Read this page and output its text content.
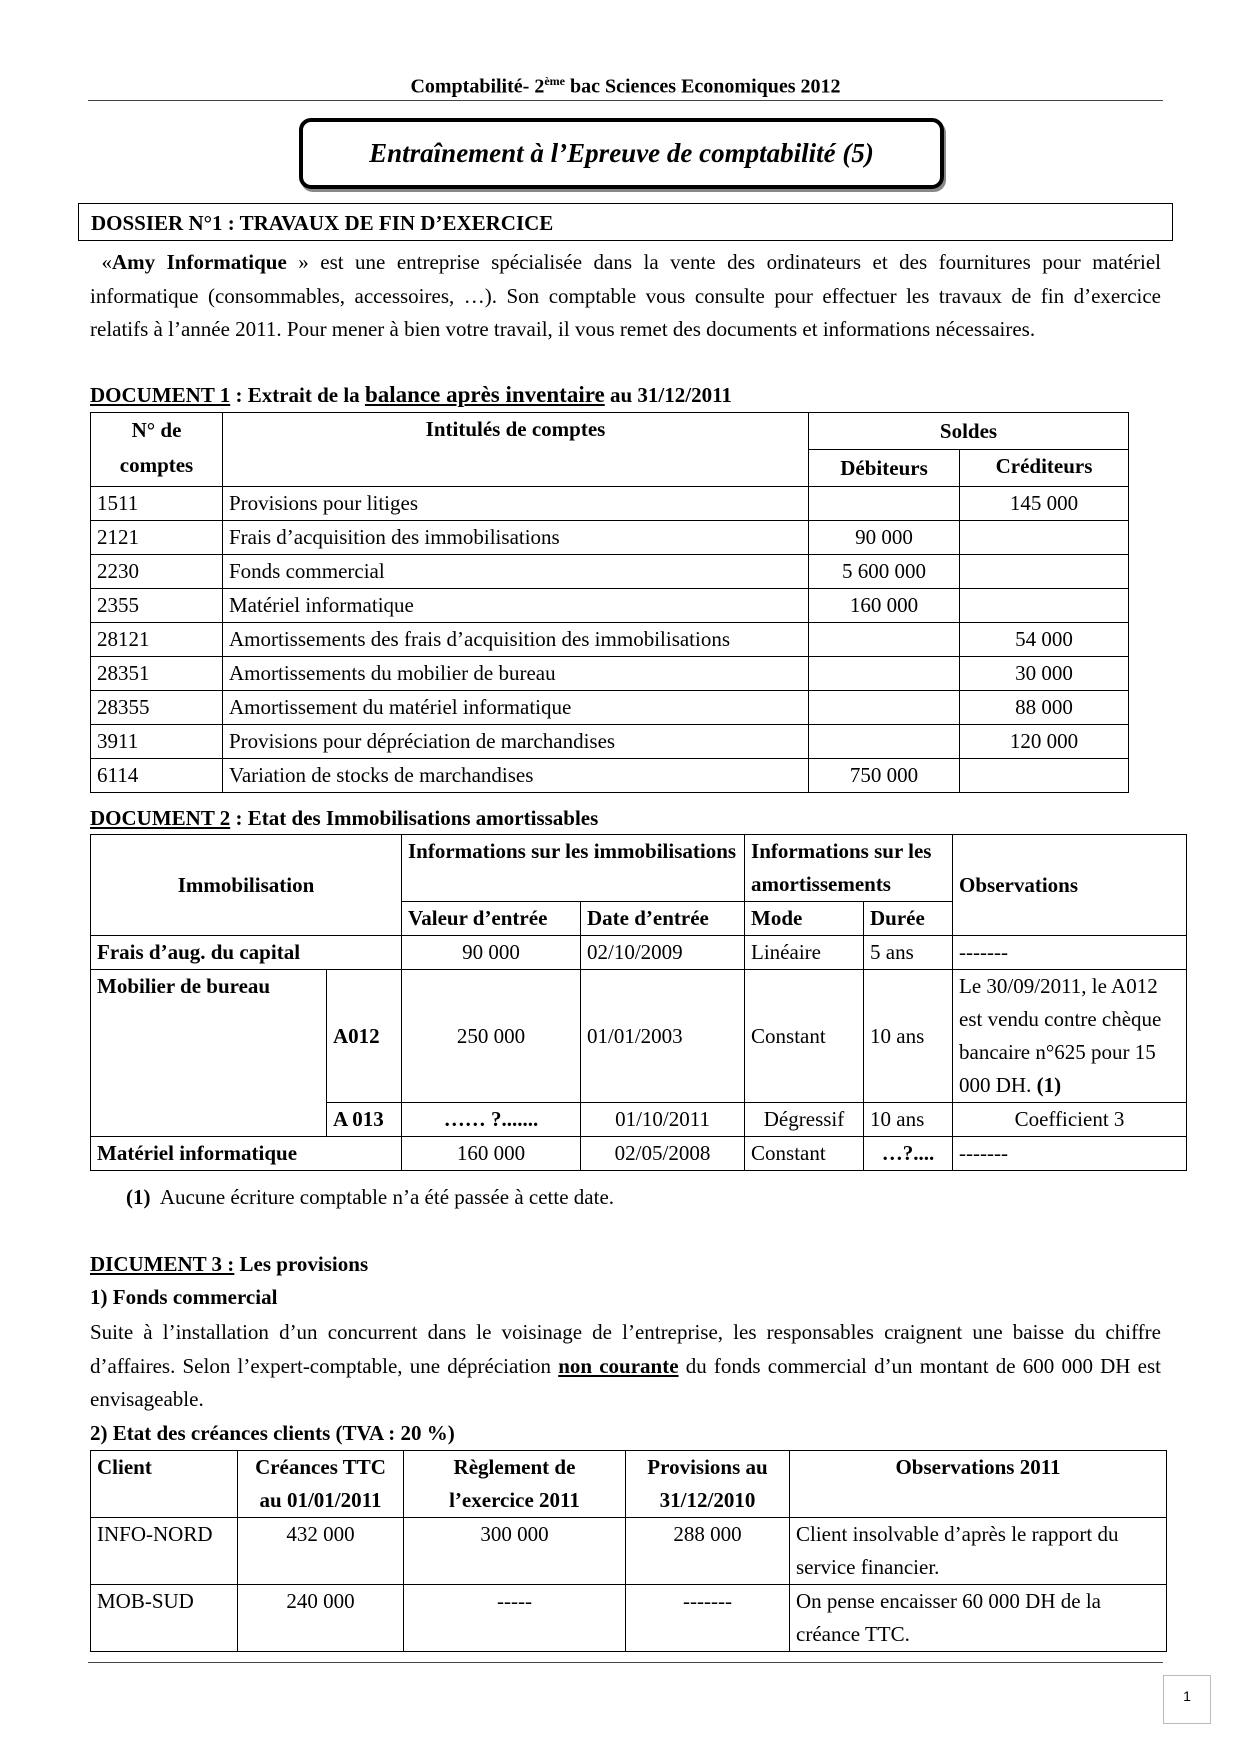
Comptabilité- 2ème bac Sciences Economiques 2012
Entraînement à l’Epreuve de comptabilité (5)
DOSSIER N°1 : TRAVAUX DE FIN D’EXERCICE
«Amy Informatique » est une entreprise spécialisée dans la vente des ordinateurs et des fournitures pour matériel informatique (consommables, accessoires, …). Son comptable vous consulte pour effectuer les travaux de fin d’exercice relatifs à l’année 2011. Pour mener à bien votre travail, il vous remet des documents et informations nécessaires.
DOCUMENT 1 : Extrait de la balance après inventaire au 31/12/2011
N° de comptes	Intitulés de comptes	Soldes	
		Débiteurs	Créditeurs
1511	Provisions pour litiges		145 000
2121	Frais d’acquisition des immobilisations	90 000	
2230	Fonds commercial	5 600 000	
2355	Matériel informatique	160 000	
28121	Amortissements des frais d’acquisition des immobilisations		54 000
28351	Amortissements du mobilier de bureau		30 000
28355	Amortissement du matériel informatique		88 000
3911	Provisions pour dépréciation de marchandises		120 000
6114	Variation de stocks de marchandises	750 000	
DOCUMENT 2 : Etat des Immobilisations amortissables
Immobilisation		Informations sur les immobilisations		Informations sur les amortissements		Observations
		Valeur d’entrée	Date d’entrée	Mode	Durée	
Frais d’aug. du capital		90 000	02/10/2009	Linéaire	5 ans	-------
Mobilier de bureau	A012	250 000	01/01/2003	Constant	10 ans	Le 30/09/2011, le A012 est vendu contre chèque bancaire n°625 pour 15 000 DH. (1)
	A 013	…… ?.......	01/10/2011	Dégressif	10 ans	Coefficient 3
Matériel informatique		160 000	02/05/2008	Constant	…?....	-------
(1) Aucune écriture comptable n’a été passée à cette date.
DICUMENT 3 : Les provisions
1) Fonds commercial
Suite à l’installation d’un concurrent dans le voisinage de l’entreprise, les responsables craignent une baisse du chiffre d’affaires. Selon l’expert-comptable, une dépréciation non courante du fonds commercial d’un montant de 600 000 DH est envisageable.
2) Etat des créances clients (TVA : 20 %)
Client	Créances TTC au 01/01/2011	Règlement de l’exercice 2011	Provisions au 31/12/2010	Observations 2011
INFO-NORD	432 000	300 000	288 000	Client insolvable d’après le rapport du service financier.
MOB-SUD	240 000	-----	-------	On pense encaisser 60 000 DH de la créance TTC.
1
